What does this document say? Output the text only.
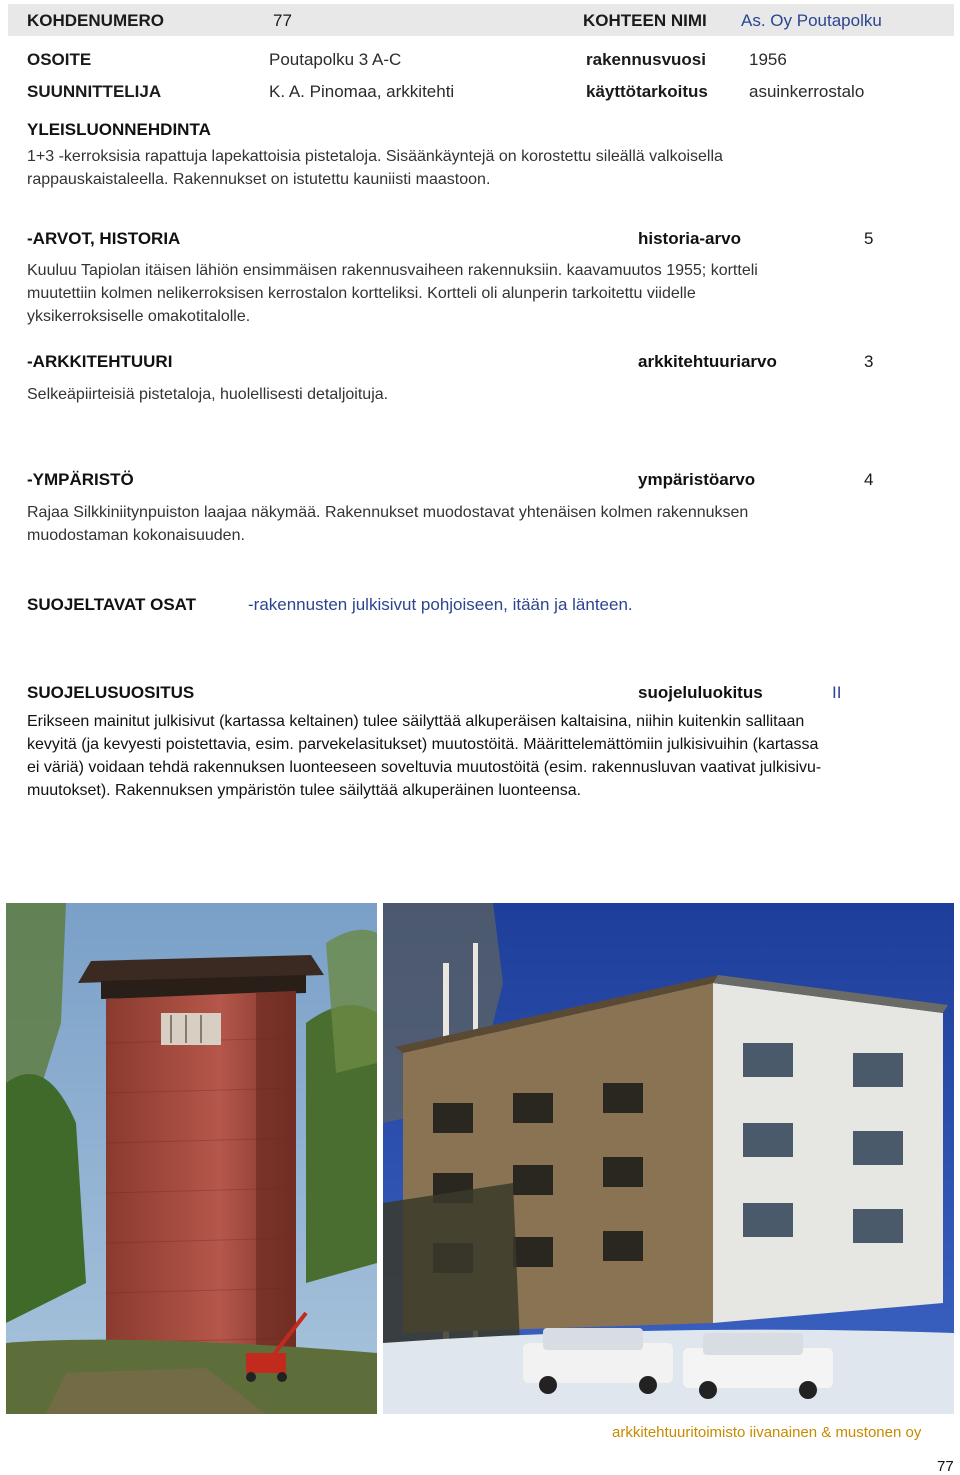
KOHDENUMERO	77	KOHTEEN NIMI As. Oy Poutapolku
OSOITE	Poutapolku 3 A-C	rakennusvuosi	1956
SUUNNITTELIJA	K. A. Pinomaa, arkkitehti	käyttötarkoitus asuinkerrostalo
YLEISLUONNEHDINTA
1+3 -kerroksisia rapattuja lapekattoisia pistetaloja. Sisäänkäyntejä on korostettu sileällä valkoisella
rappauskaistaleella. Rakennukset on istutettu kauniisti maastoon.
-ARVOT, HISTORIA	historia-arvo	5
Kuuluu Tapiolan itäisen lähiön ensimmäisen rakennusvaiheen rakennuksiin. kaavamuutos 1955; kortteli
muutettiin kolmen nelikerroksisen kerrostalon kortteliksi. Kortteli oli alunperin tarkoitettu viidelle
yksikerroksiselle omakotitalolle.
-ARKKITEHTUURI	arkkitehtuuriarvo	3
Selkeäpiirteisiä pistetaloja, huolellisesti detaljoituja.
-YMPÄRISTÖ	ympäristöarvo	4
Rajaa Silkkiniitynpuiston laajaa näkymää. Rakennukset muodostavat yhtenäisen kolmen rakennuksen
muodostaman kokonaisuuden.
SUOJELTAVAT OSAT	-rakennusten julkisivut pohjoiseen, itään ja länteen.
SUOJELUSUOSITUS	suojeluluokitus	II
Erikseen mainitut julkisivut (kartassa keltainen) tulee säilyttää alkuperäisen kaltaisina, niihin kuitenkin sallitaan
kevyitä (ja kevyesti poistettavia, esim. parvekelasitukset) muutostöitä. Määrittelemättömiin julkisivuihin (kartassa
ei väriä) voidaan tehdä rakennuksen luonteeseen soveltuvia muutostöitä (esim. rakennusluvan vaativat julkisivu-
muutokset). Rakennuksen ympäristön tulee säilyttää alkuperäinen luonteensa.
arkkitehtuuritoimisto iivanainen & mustonen oy
77
